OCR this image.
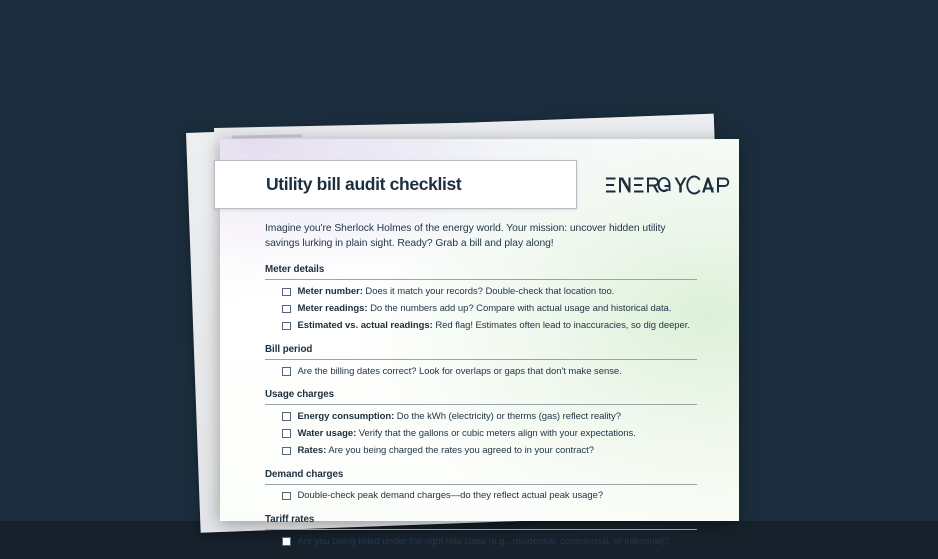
Utility bill audit checklist

Imagine you're Sherlock Holmes of the energy world. Your mission: uncover hidden utility savings lurking in plain sight. Ready? Grab a bill and play along!

Meter details
Meter number: Does it match your records? Double-check that location too.
Meter readings: Do the numbers add up? Compare with actual usage and historical data.
Estimated vs. actual readings: Red flag! Estimates often lead to inaccuracies, so dig deeper.
Bill period
Are the billing dates correct? Look for overlaps or gaps that don't make sense.
Usage charges
Energy consumption: Do the kWh (electricity) or therms (gas) reflect reality?
Water usage: Verify that the gallons or cubic meters align with your expectations.
Rates: Are you being charged the rates you agreed to in your contract?
Demand charges
Double-check peak demand charges—do they reflect actual peak usage?
Tariff rates
Are you being billed under the right rate class (e.g., residential, commercial, or industrial)?
